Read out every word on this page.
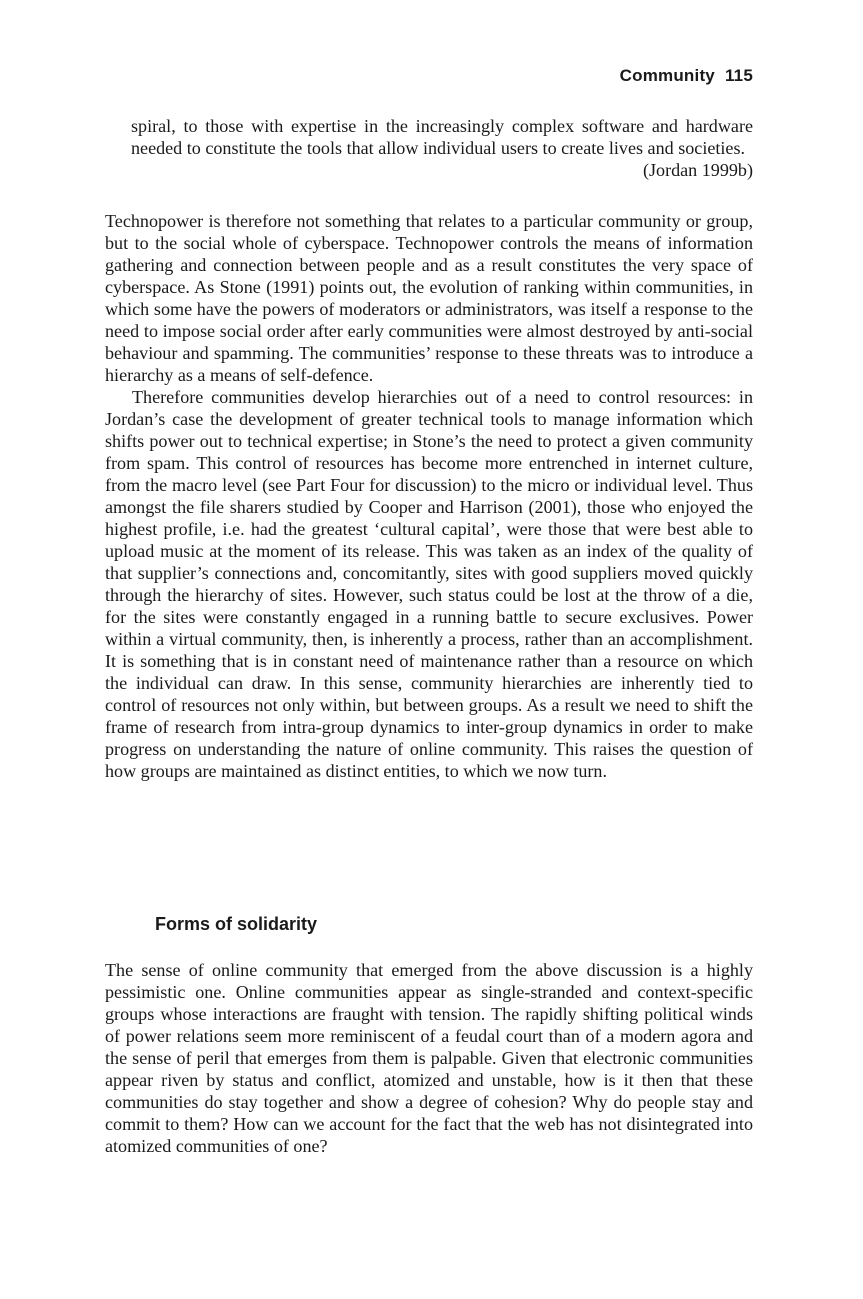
Community 115

spiral, to those with expertise in the increasingly complex software and hardware needed to constitute the tools that allow individual users to create lives and societies.

(Jordan 1999b)

Technopower is therefore not something that relates to a particular community or group, but to the social whole of cyberspace. Technopower controls the means of information gathering and connection between people and as a result constitutes the very space of cyberspace. As Stone (1991) points out, the evolution of ranking within communities, in which some have the powers of moderators or administrators, was itself a response to the need to impose social order after early communities were almost destroyed by anti-social behaviour and spamming. The communities’ response to these threats was to introduce a hierarchy as a means of self-defence.

Therefore communities develop hierarchies out of a need to control resources: in Jordan’s case the development of greater technical tools to manage information which shifts power out to technical expertise; in Stone’s the need to protect a given community from spam. This control of resources has become more entrenched in internet culture, from the macro level (see Part Four for discussion) to the micro or individual level. Thus amongst the file sharers studied by Cooper and Harrison (2001), those who enjoyed the highest profile, i.e. had the greatest ‘cultural capital’, were those that were best able to upload music at the moment of its release. This was taken as an index of the quality of that supplier’s connections and, concomitantly, sites with good suppliers moved quickly through the hierarchy of sites. However, such status could be lost at the throw of a die, for the sites were constantly engaged in a running battle to secure exclusives. Power within a virtual community, then, is inherently a process, rather than an accomplishment. It is something that is in constant need of maintenance rather than a resource on which the individual can draw. In this sense, community hierarchies are inherently tied to control of resources not only within, but between groups. As a result we need to shift the frame of research from intra-group dynamics to inter-group dynamics in order to make progress on understanding the nature of online community. This raises the question of how groups are maintained as distinct entities, to which we now turn.

Forms of solidarity

The sense of online community that emerged from the above discussion is a highly pessimistic one. Online communities appear as single-stranded and context-specific groups whose interactions are fraught with tension. The rapidly shifting political winds of power relations seem more reminiscent of a feudal court than of a modern agora and the sense of peril that emerges from them is palpable. Given that electronic communities appear riven by status and conflict, atomized and unstable, how is it then that these communities do stay together and show a degree of cohesion? Why do people stay and commit to them? How can we account for the fact that the web has not disintegrated into atomized communities of one?
